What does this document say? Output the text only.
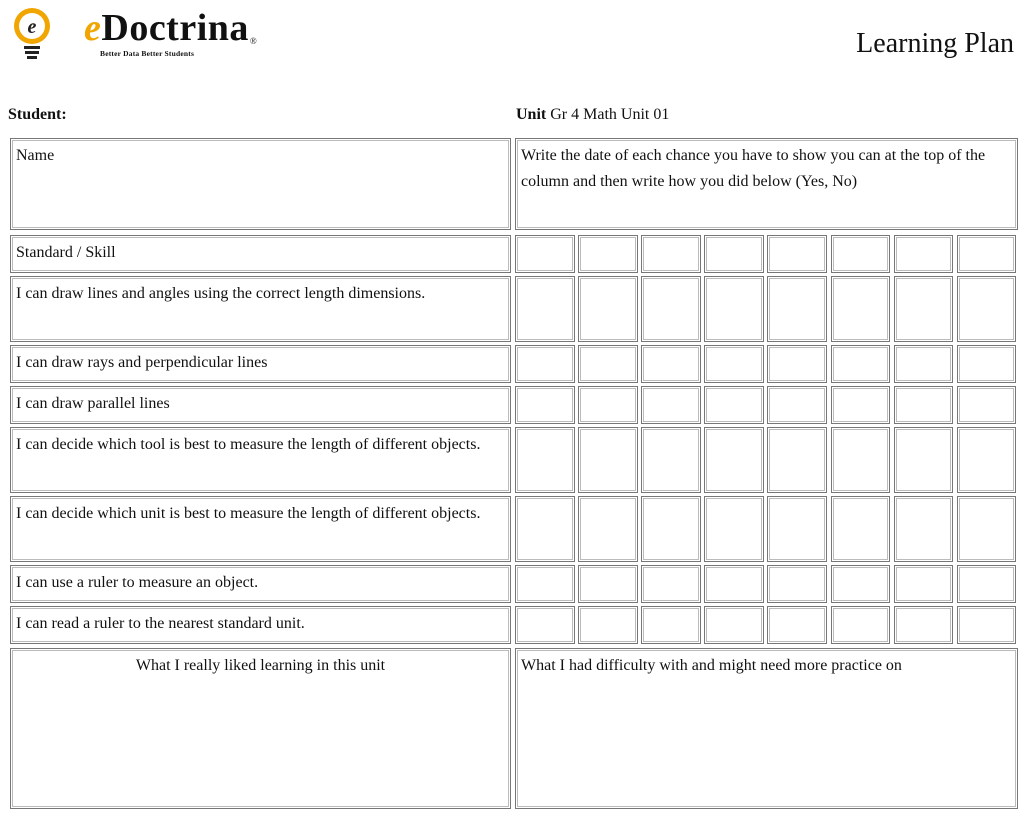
e eDoctrina®
Better Data Better Students	Learning Plan
Student:	Unit Gr 4 Math Unit 01
Name	Write the date of each chance you have to show you can at the top of the column and then write how you did below (Yes, No)
Standard / Skill
I can draw lines and angles using the correct length dimensions.
I can draw rays and perpendicular lines
I can draw parallel lines
I can decide which tool is best to measure the length of different objects.
I can decide which unit is best to measure the length of different objects.
I can use a ruler to measure an object.
I can read a ruler to the nearest standard unit.
What I really liked learning in this unit	What I had difficulty with and might need more practice on
